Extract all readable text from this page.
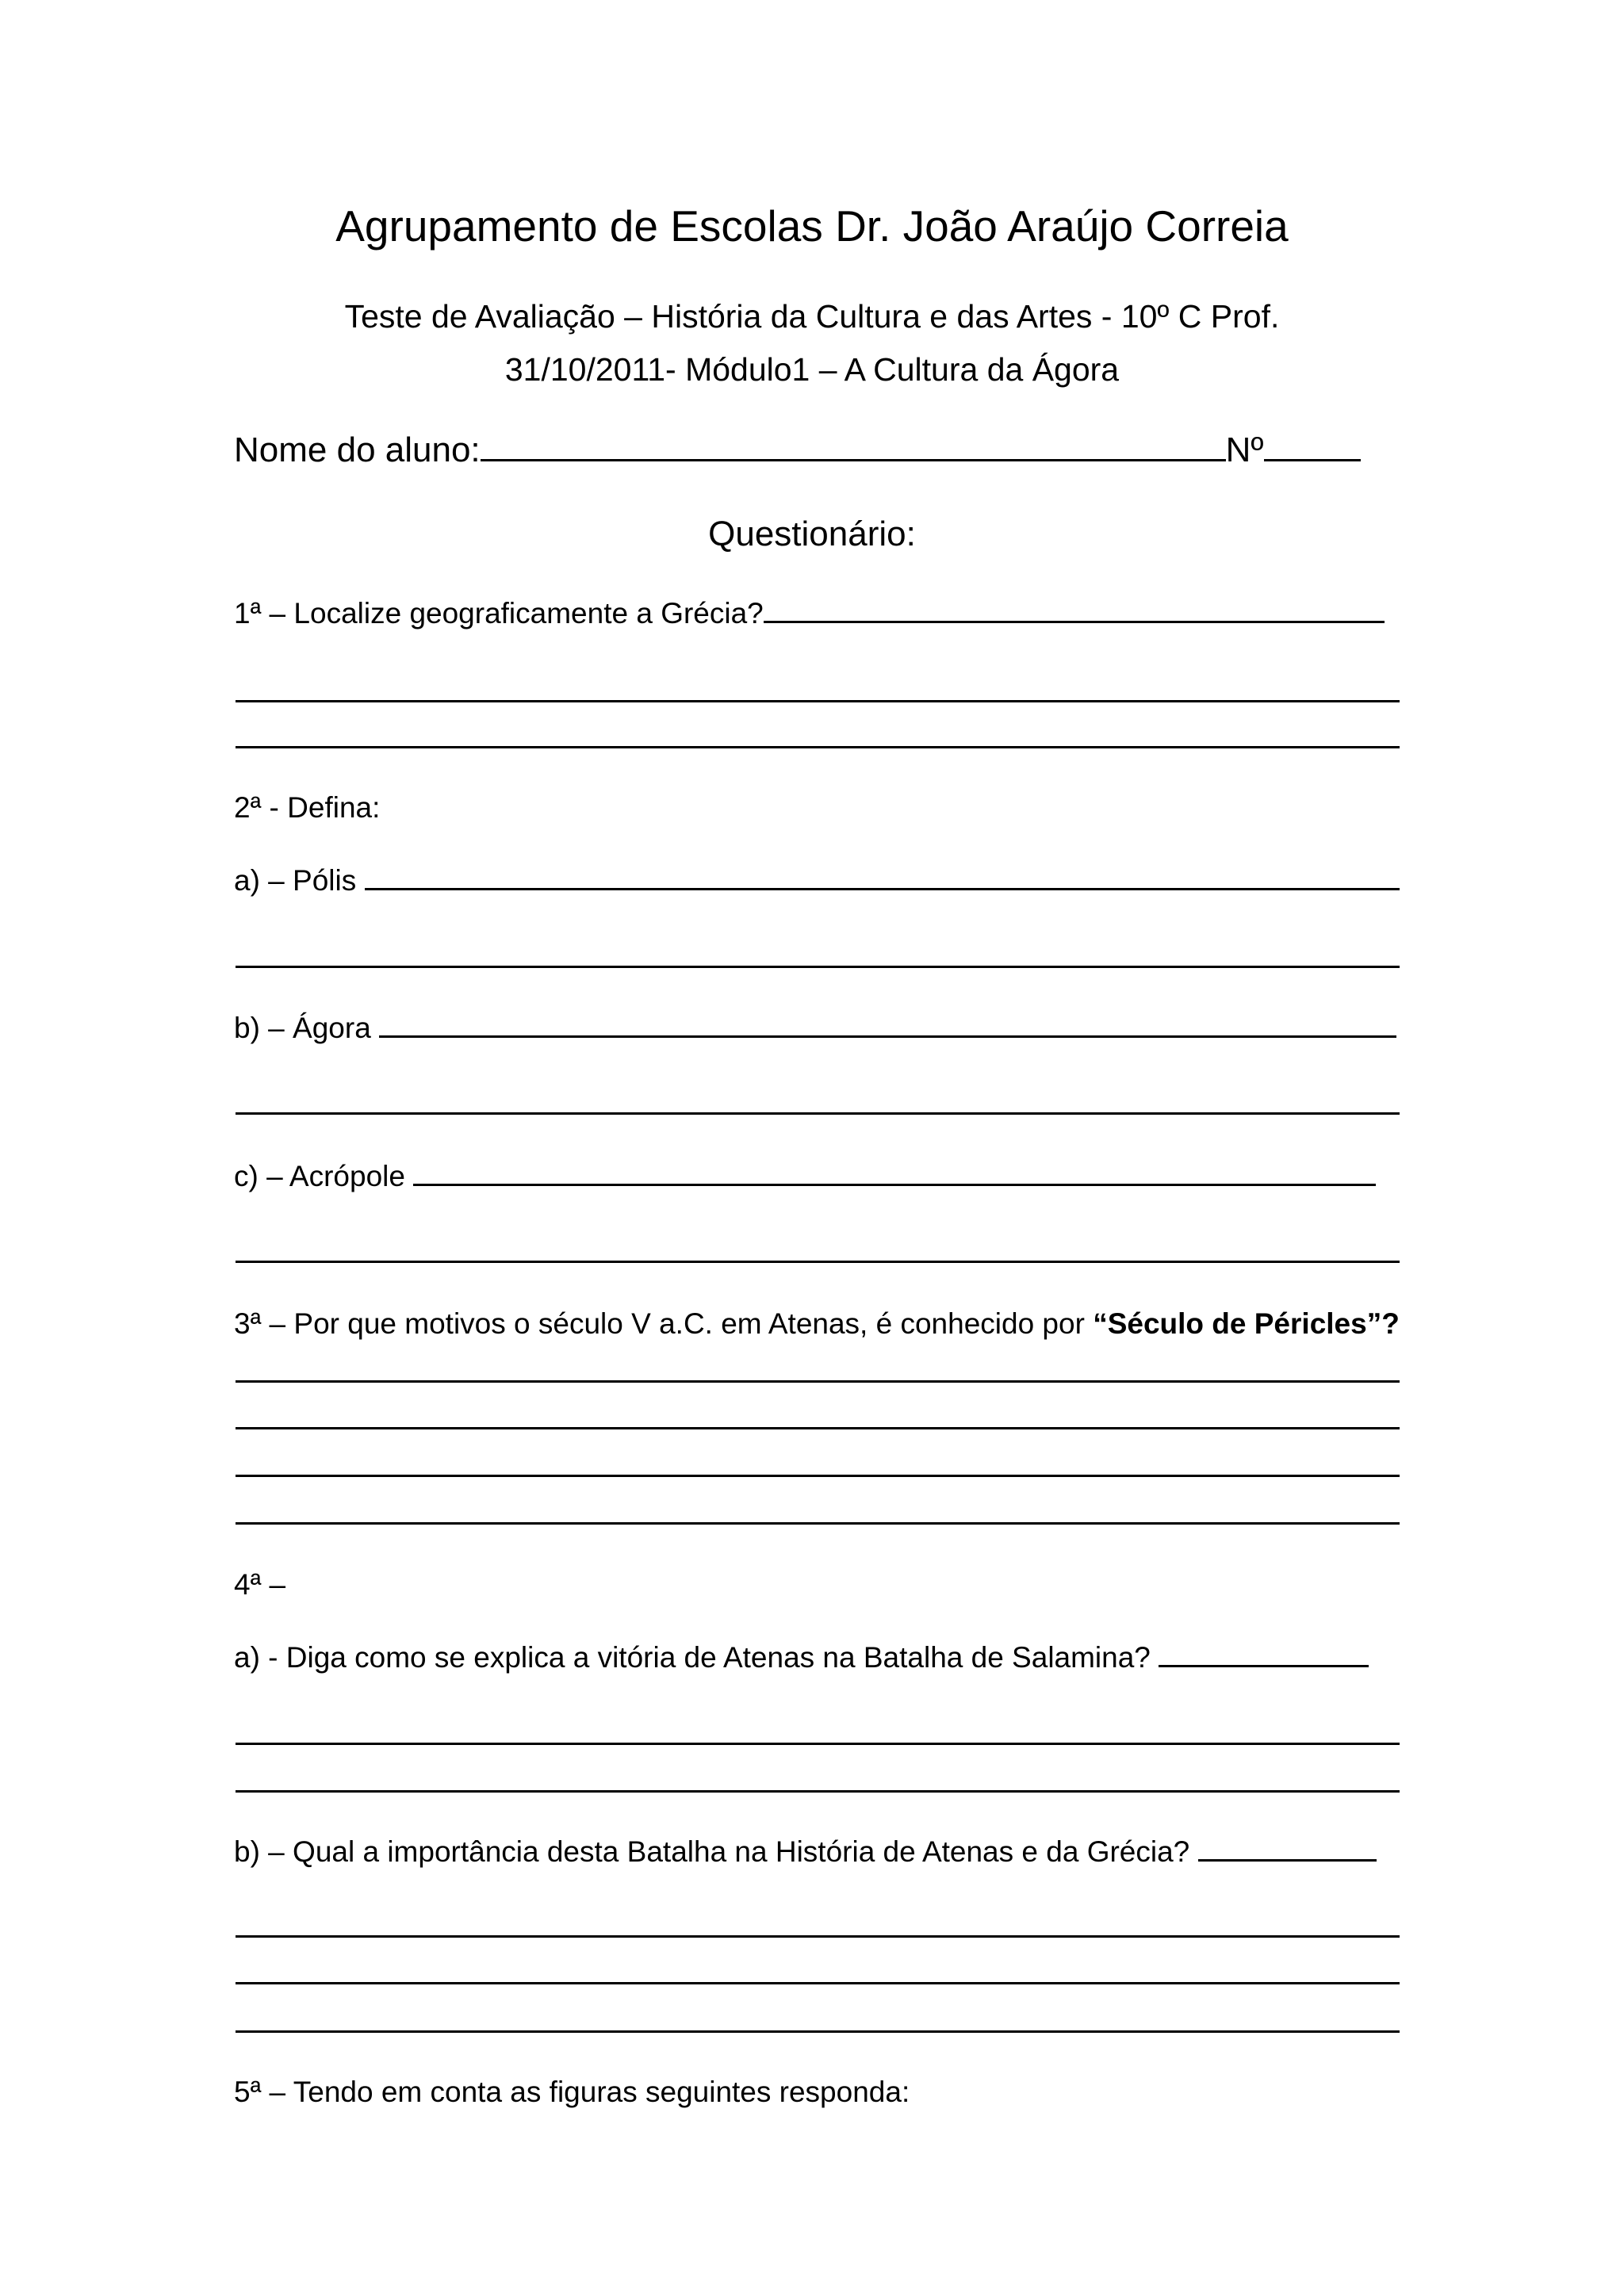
Agrupamento de Escolas Dr. João Araújo Correia
Teste de Avaliação – História da Cultura e das Artes - 10º C Prof.
31/10/2011- Módulo1 – A Cultura da Ágora
Nome do aluno:	Nº
Questionário:
1ª – Localize geograficamente a Grécia?
2ª - Defina:
a) – Pólis
b) – Ágora
c) – Acrópole
3ª – Por que motivos o século V a.C. em Atenas, é conhecido por “Século de Péricles”?
4ª –
a) - Diga como se explica a vitória de Atenas na Batalha de Salamina?
b) – Qual a importância desta Batalha na História de Atenas e da Grécia?
5ª – Tendo em conta as figuras seguintes responda:
